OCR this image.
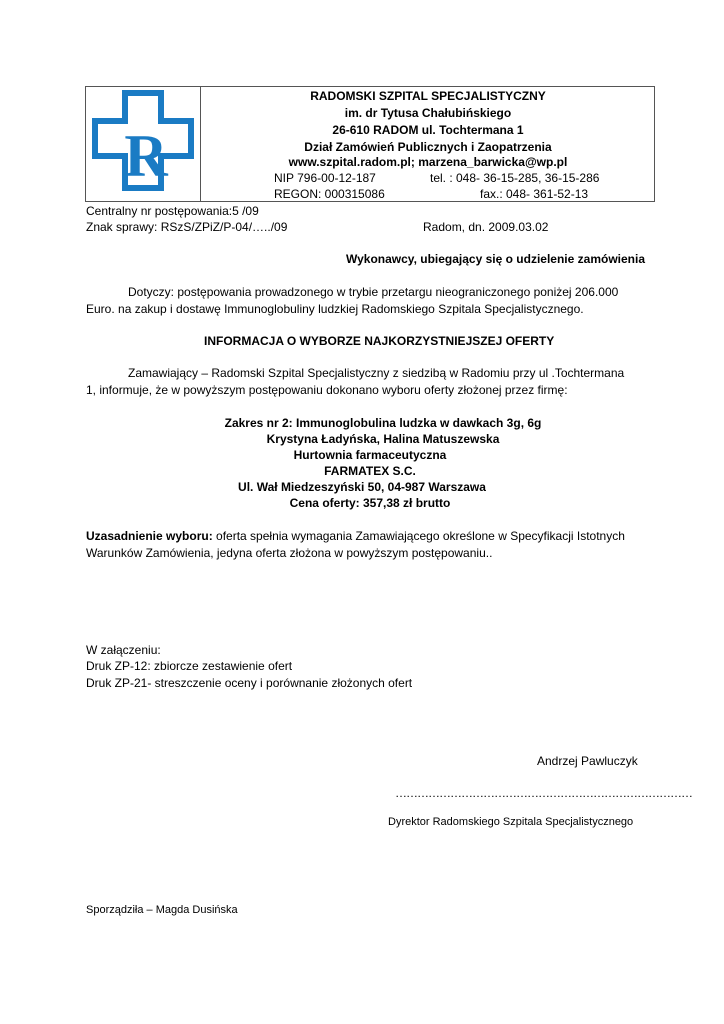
R
RADOMSKI SZPITAL SPECJALISTYCZNY
im. dr Tytusa Chałubińskiego
26-610 RADOM ul. Tochtermana 1
Dział Zamówień Publicznych i Zaopatrzenia
www.szpital.radom.pl; marzena_barwicka@wp.pl
NIP 796-00-12-187	tel. : 048- 36-15-285, 36-15-286
REGON: 000315086	fax.: 048- 361-52-13
Centralny nr postępowania:5 /09
Znak sprawy: RSzS/ZPiZ/P-04/…../09	Radom, dn. 2009.03.02
Wykonawcy, ubiegający się o udzielenie zamówienia
Dotyczy: postępowania prowadzonego w trybie przetargu nieograniczonego poniżej 206.000
Euro. na zakup i dostawę Immunoglobuliny ludzkiej Radomskiego Szpitala Specjalistycznego.
INFORMACJA O WYBORZE NAJKORZYSTNIEJSZEJ OFERTY
Zamawiający – Radomski Szpital Specjalistyczny z siedzibą w Radomiu przy ul .Tochtermana
1, informuje, że w powyższym postępowaniu dokonano wyboru oferty złożonej przez firmę:
Zakres nr 2: Immunoglobulina ludzka w dawkach 3g, 6g
Krystyna Ładyńska, Halina Matuszewska
Hurtownia farmaceutyczna
FARMATEX S.C.
Ul. Wał Miedzeszyński 50, 04-987 Warszawa
Cena oferty: 357,38 zł brutto
Uzasadnienie wyboru: oferta spełnia wymagania Zamawiającego określone w Specyfikacji Istotnych
Warunków Zamówienia, jedyna oferta złożona w powyższym postępowaniu..
W załączeniu:
Druk ZP-12: zbiorcze zestawienie ofert
Druk ZP-21- streszczenie oceny i porównanie złożonych ofert
Andrzej Pawluczyk
………………………………………………………………………
Dyrektor Radomskiego Szpitala Specjalistycznego
Sporządziła – Magda Dusińska
